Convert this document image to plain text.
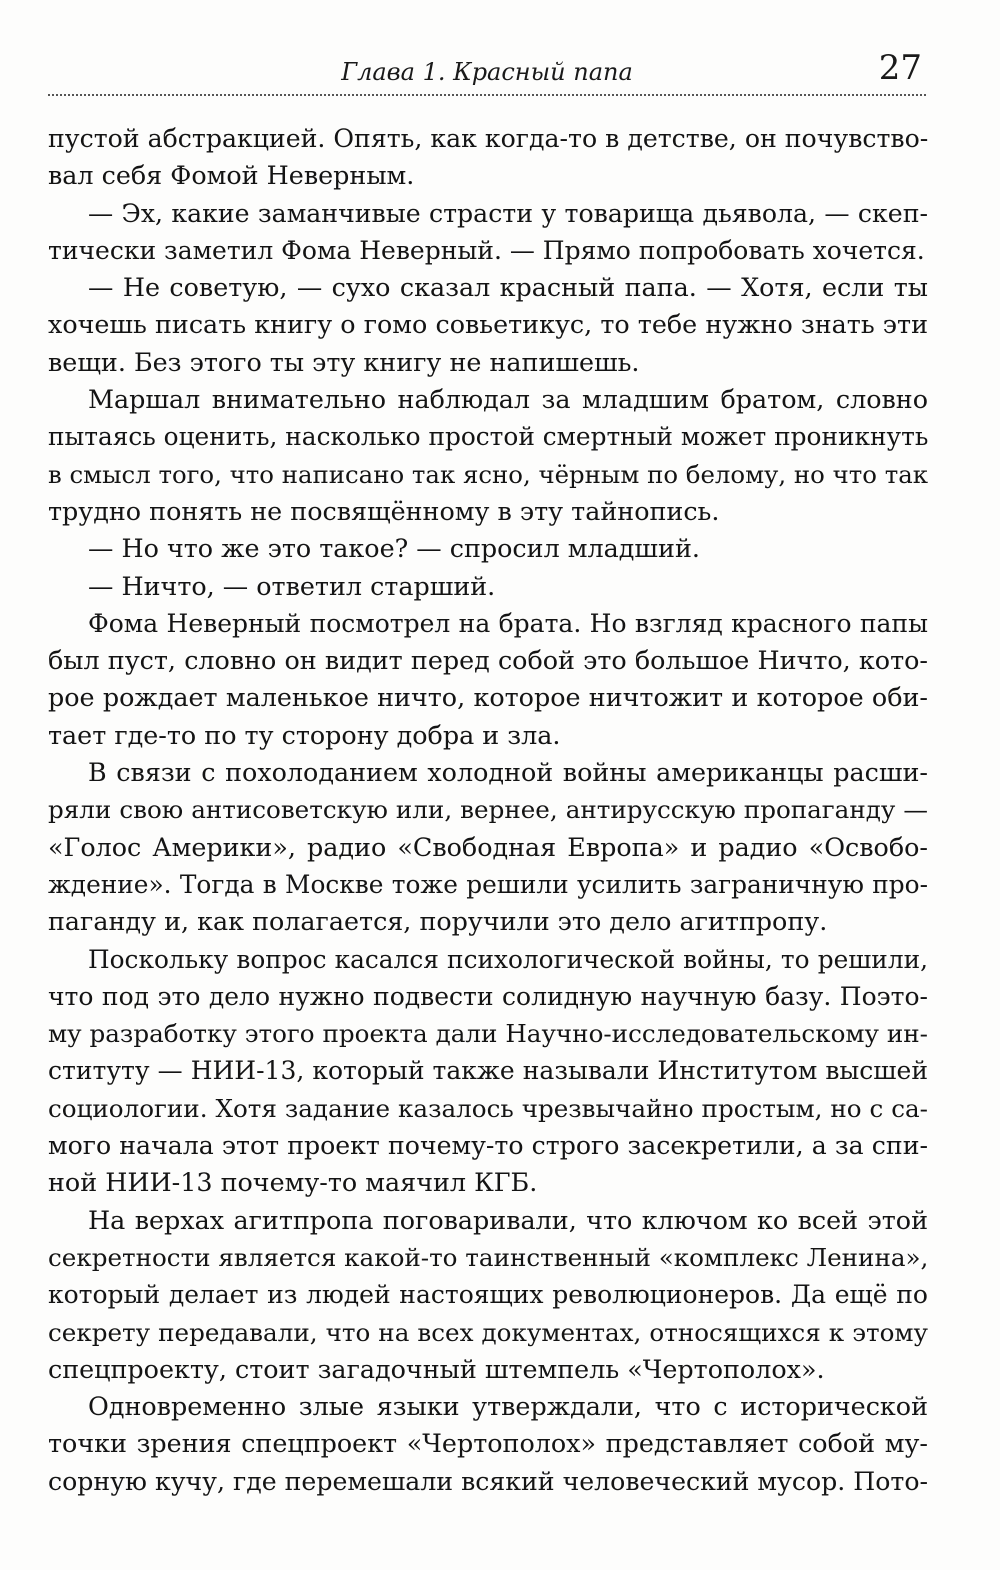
Глава 1. Красный папа	27
пустой абстракцией. Опять, как когда-то в детстве, он почувство-
вал себя Фомой Неверным.
— Эх, какие заманчивые страсти у товарища дьявола, — скеп-
тически заметил Фома Неверный. — Прямо попробовать хочется.
— Не советую, — сухо сказал красный папа. — Хотя, если ты
хочешь писать книгу о гомо совьетикус, то тебе нужно знать эти
вещи. Без этого ты эту книгу не напишешь.
Маршал внимательно наблюдал за младшим братом, словно
пытаясь оценить, насколько простой смертный может проникнуть
в смысл того, что написано так ясно, чёрным по белому, но что так
трудно понять не посвящённому в эту тайнопись.
— Но что же это такое? — спросил младший.
— Ничто, — ответил старший.
Фома Неверный посмотрел на брата. Но взгляд красного папы
был пуст, словно он видит перед собой это большое Ничто, кото-
рое рождает маленькое ничто, которое ничтожит и которое оби-
тает где-то по ту сторону добра и зла.
В связи с похолоданием холодной войны американцы расши-
ряли свою антисоветскую или, вернее, антирусскую пропаганду —
«Голос Америки», радио «Свободная Европа» и радио «Освобо-
ждение». Тогда в Москве тоже решили усилить заграничную про-
паганду и, как полагается, поручили это дело агитпропу.
Поскольку вопрос касался психологической войны, то решили,
что под это дело нужно подвести солидную научную базу. Поэто-
му разработку этого проекта дали Научно-исследовательскому ин-
ституту — НИИ-13, который также называли Институтом высшей
социологии. Хотя задание казалось чрезвычайно простым, но с са-
мого начала этот проект почему-то строго засекретили, а за спи-
ной НИИ-13 почему-то маячил КГБ.
На верхах агитпропа поговаривали, что ключом ко всей этой
секретности является какой-то таинственный «комплекс Ленина»,
который делает из людей настоящих революционеров. Да ещё по
секрету передавали, что на всех документах, относящихся к этому
спецпроекту, стоит загадочный штемпель «Чертополох».
Одновременно злые языки утверждали, что с исторической
точки зрения спецпроект «Чертополох» представляет собой му-
сорную кучу, где перемешали всякий человеческий мусор. Пото-
